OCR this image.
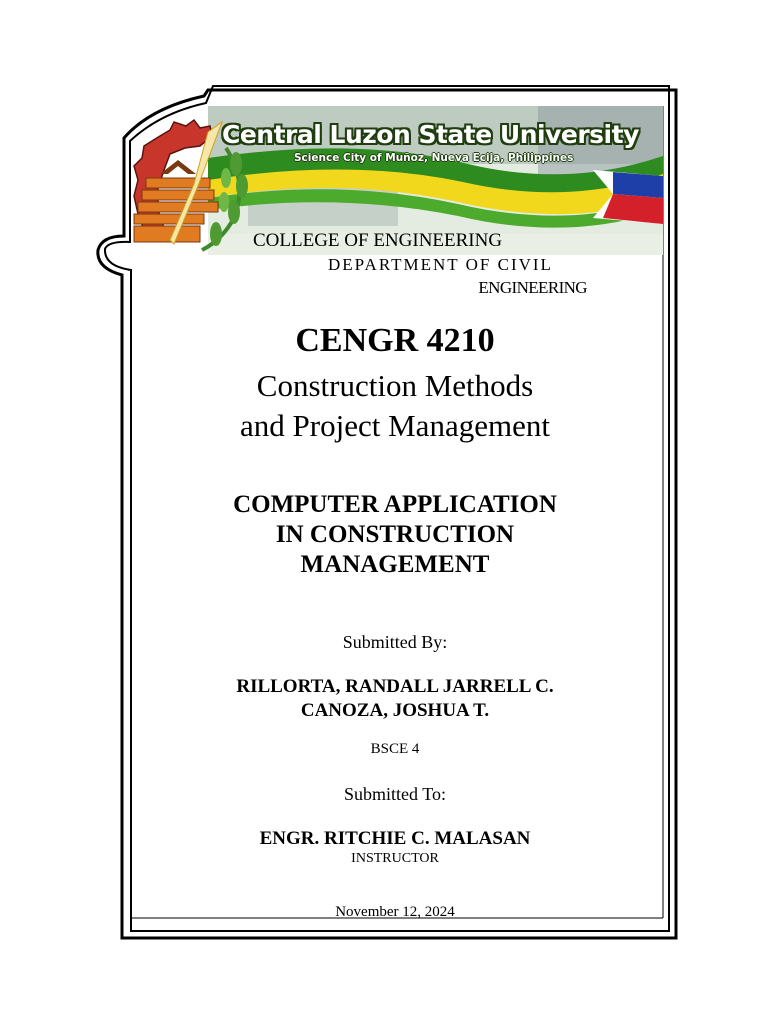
Central Luzon State University
Science City of Muñoz, Nueva Ecija, Philippines
COLLEGE OF ENGINEERING
DEPARTMENT OF CIVIL
ENGINEERING
CENGR 4210
Construction Methods
and Project Management
COMPUTER APPLICATION
IN CONSTRUCTION
MANAGEMENT
Submitted By:
RILLORTA, RANDALL JARRELL C.
CANOZA, JOSHUA T.
BSCE 4
Submitted To:
ENGR. RITCHIE C. MALASAN
INSTRUCTOR
November 12, 2024
